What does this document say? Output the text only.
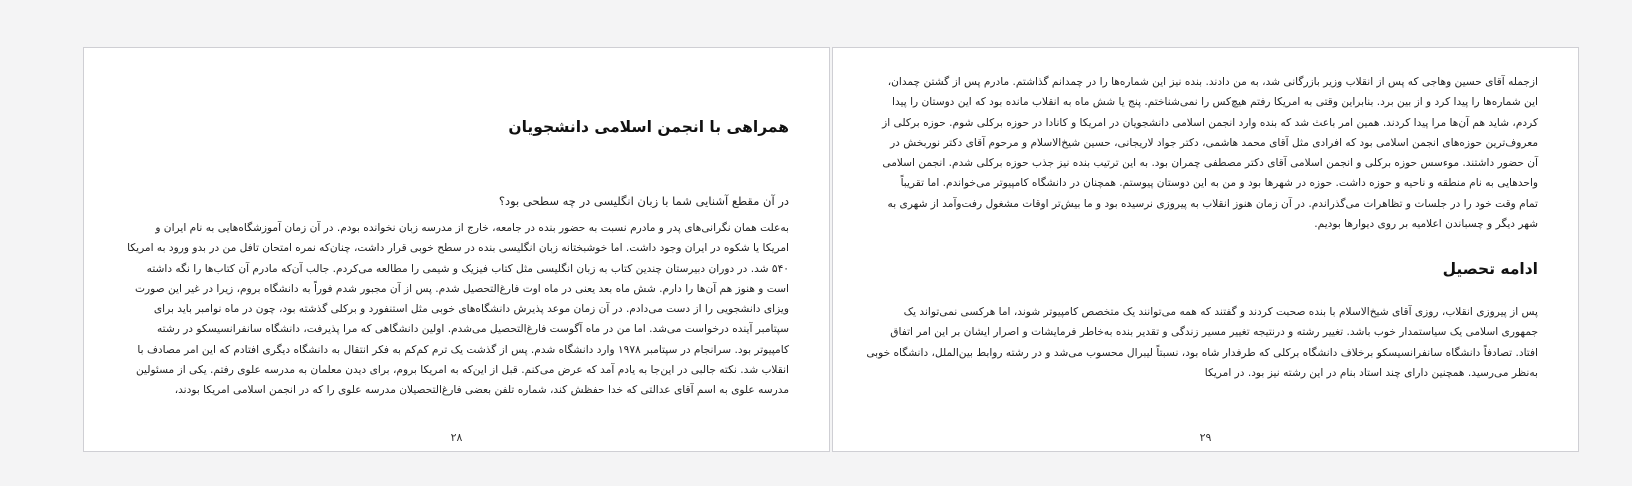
همراهی با انجمن اسلامی دانشجویان

در آن مقطع آشنایی شما با زبان انگلیسی در چه سطحی بود؟

به‌علت همان نگرانی‌های پدر و مادرم نسبت به حضور بنده در جامعه، خارج از مدرسه زبان نخوانده بودم. در آن زمان آموزشگاه‌هایی به نام ایران و
امریکا یا شکوه در ایران وجود داشت. اما خوشبختانه زبان انگلیسی بنده در سطح خوبی قرار داشت، چنان‌که نمره امتحان تافل من در بدو ورود به امریکا
۵۴۰ شد. در دوران دبیرستان چندین کتاب به زبان انگلیسی مثل کتاب فیزیک و شیمی را مطالعه می‌کردم. جالب آن‌که مادرم آن کتاب‌ها را نگه داشته
است و هنوز هم آن‌ها را دارم. شش ماه بعد یعنی در ماه اوت فارغ‌التحصیل شدم. پس از آن مجبور شدم فوراً به دانشگاه بروم، زیرا در غیر این صورت
ویزای دانشجویی را از دست می‌دادم. در آن زمان موعد پذیرش دانشگاه‌های خوبی مثل استنفورد و برکلی گذشته بود، چون در ماه نوامبر باید برای
سپتامبر آینده درخواست می‌شد. اما من در ماه آگوست فارغ‌التحصیل می‌شدم. اولین دانشگاهی که مرا پذیرفت، دانشگاه سانفرانسیسکو در رشته
کامپیوتر بود. سرانجام در سپتامبر ۱۹۷۸ وارد دانشگاه شدم. پس از گذشت یک ترم کم‌کم به فکر انتقال به دانشگاه دیگری افتادم که این امر مصادف با
انقلاب شد. نکته جالبی در این‌جا به یادم آمد که عرض می‌کنم. قبل از این‌که به امریکا بروم، برای دیدن معلمان به مدرسه علوی رفتم. یکی از مسئولین
مدرسه علوی به اسم آقای عدالتی که خدا حفظش کند، شماره تلفن بعضی فارغ‌التحصیلان مدرسه علوی را که در انجمن اسلامی امریکا بودند،

۲۸

ازجمله آقای حسین وهاجی که پس از انقلاب وزیر بازرگانی شد، به من دادند. بنده نیز این شماره‌ها را در چمدانم گذاشتم. مادرم پس از گشتن چمدان،
این شماره‌ها را پیدا کرد و از بین برد. بنابراین وقتی به امریکا رفتم هیچ‌کس را نمی‌شناختم. پنج یا شش ماه به انقلاب مانده بود که این دوستان را پیدا
کردم، شاید هم آن‌ها مرا پیدا کردند. همین امر باعث شد که بنده وارد انجمن اسلامی دانشجویان در امریکا و کانادا در حوزه برکلی شوم. حوزه برکلی از
معروف‌ترین حوزه‌های انجمن اسلامی بود که افرادی مثل آقای محمد هاشمی، دکتر جواد لاریجانی، حسین شیخ‌الاسلام و مرحوم آقای دکتر نوربخش در
آن حضور داشتند. موءسس حوزه برکلی و انجمن اسلامی آقای دکتر مصطفی چمران بود. به این ترتیب بنده نیز جذب حوزه برکلی شدم. انجمن اسلامی
واحدهایی به نام منطقه و ناحیه و حوزه داشت. حوزه در شهرها بود و من به این دوستان پیوستم. همچنان در دانشگاه کامپیوتر می‌خواندم. اما تقریباً
تمام وقت خود را در جلسات و تظاهرات می‌گذراندم. در آن زمان هنوز انقلاب به پیروزی نرسیده بود و ما بیش‌تر اوقات مشغول رفت‌وآمد از شهری به
شهر دیگر و چسباندن اعلامیه بر روی دیوارها بودیم.

ادامه تحصیل

پس از پیروزی انقلاب، روزی آقای شیخ‌الاسلام با بنده صحبت کردند و گفتند که همه می‌توانند یک متخصص کامپیوتر شوند، اما هرکسی نمی‌تواند یک
جمهوری اسلامی یک سیاستمدار خوب باشد. تغییر رشته و درنتیجه تغییر مسیر زندگی و تقدیر بنده به‌خاطر فرمایشات و اصرار ایشان بر این امر اتفاق
افتاد. تصادفاً دانشگاه سانفرانسیسکو برخلاف دانشگاه برکلی که طرفدار شاه بود، نسبتاً لیبرال محسوب می‌شد و در رشته روابط بین‌الملل، دانشگاه خوبی
به‌نظر می‌رسید. همچنین دارای چند استاد بنام در این رشته نیز بود. در امریکا

۲۹
